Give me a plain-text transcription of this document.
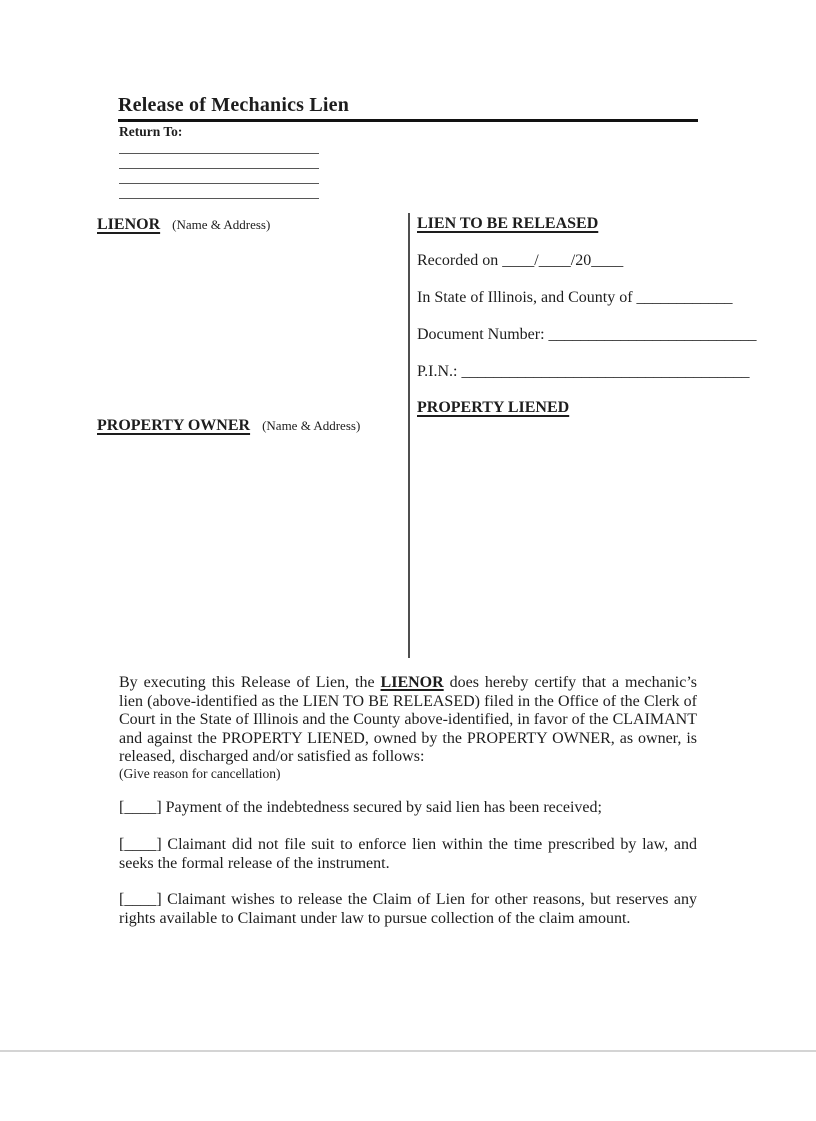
Release of Mechanics Lien
Return To:
LIENOR (Name & Address)
PROPERTY OWNER (Name & Address)
LIEN TO BE RELEASED
Recorded on ____/____/20____
In State of Illinois, and County of ____________
Document Number: __________________________
P.I.N.: ____________________________________
PROPERTY LIENED

By executing this Release of Lien, the LIENOR does hereby certify that a mechanic’s lien (above-identified as the LIEN TO BE RELEASED) filed in the Office of the Clerk of Court in the State of Illinois and the County above-identified, in favor of the CLAIMANT and against the PROPERTY LIENED, owned by the PROPERTY OWNER, as owner, is released, discharged and/or satisfied as follows:

(Give reason for cancellation)

[____] Payment of the indebtedness secured by said lien has been received;

[____] Claimant did not file suit to enforce lien within the time prescribed by law, and seeks the formal release of the instrument.

[____] Claimant wishes to release the Claim of Lien for other reasons, but reserves any rights available to Claimant under law to pursue collection of the claim amount.
